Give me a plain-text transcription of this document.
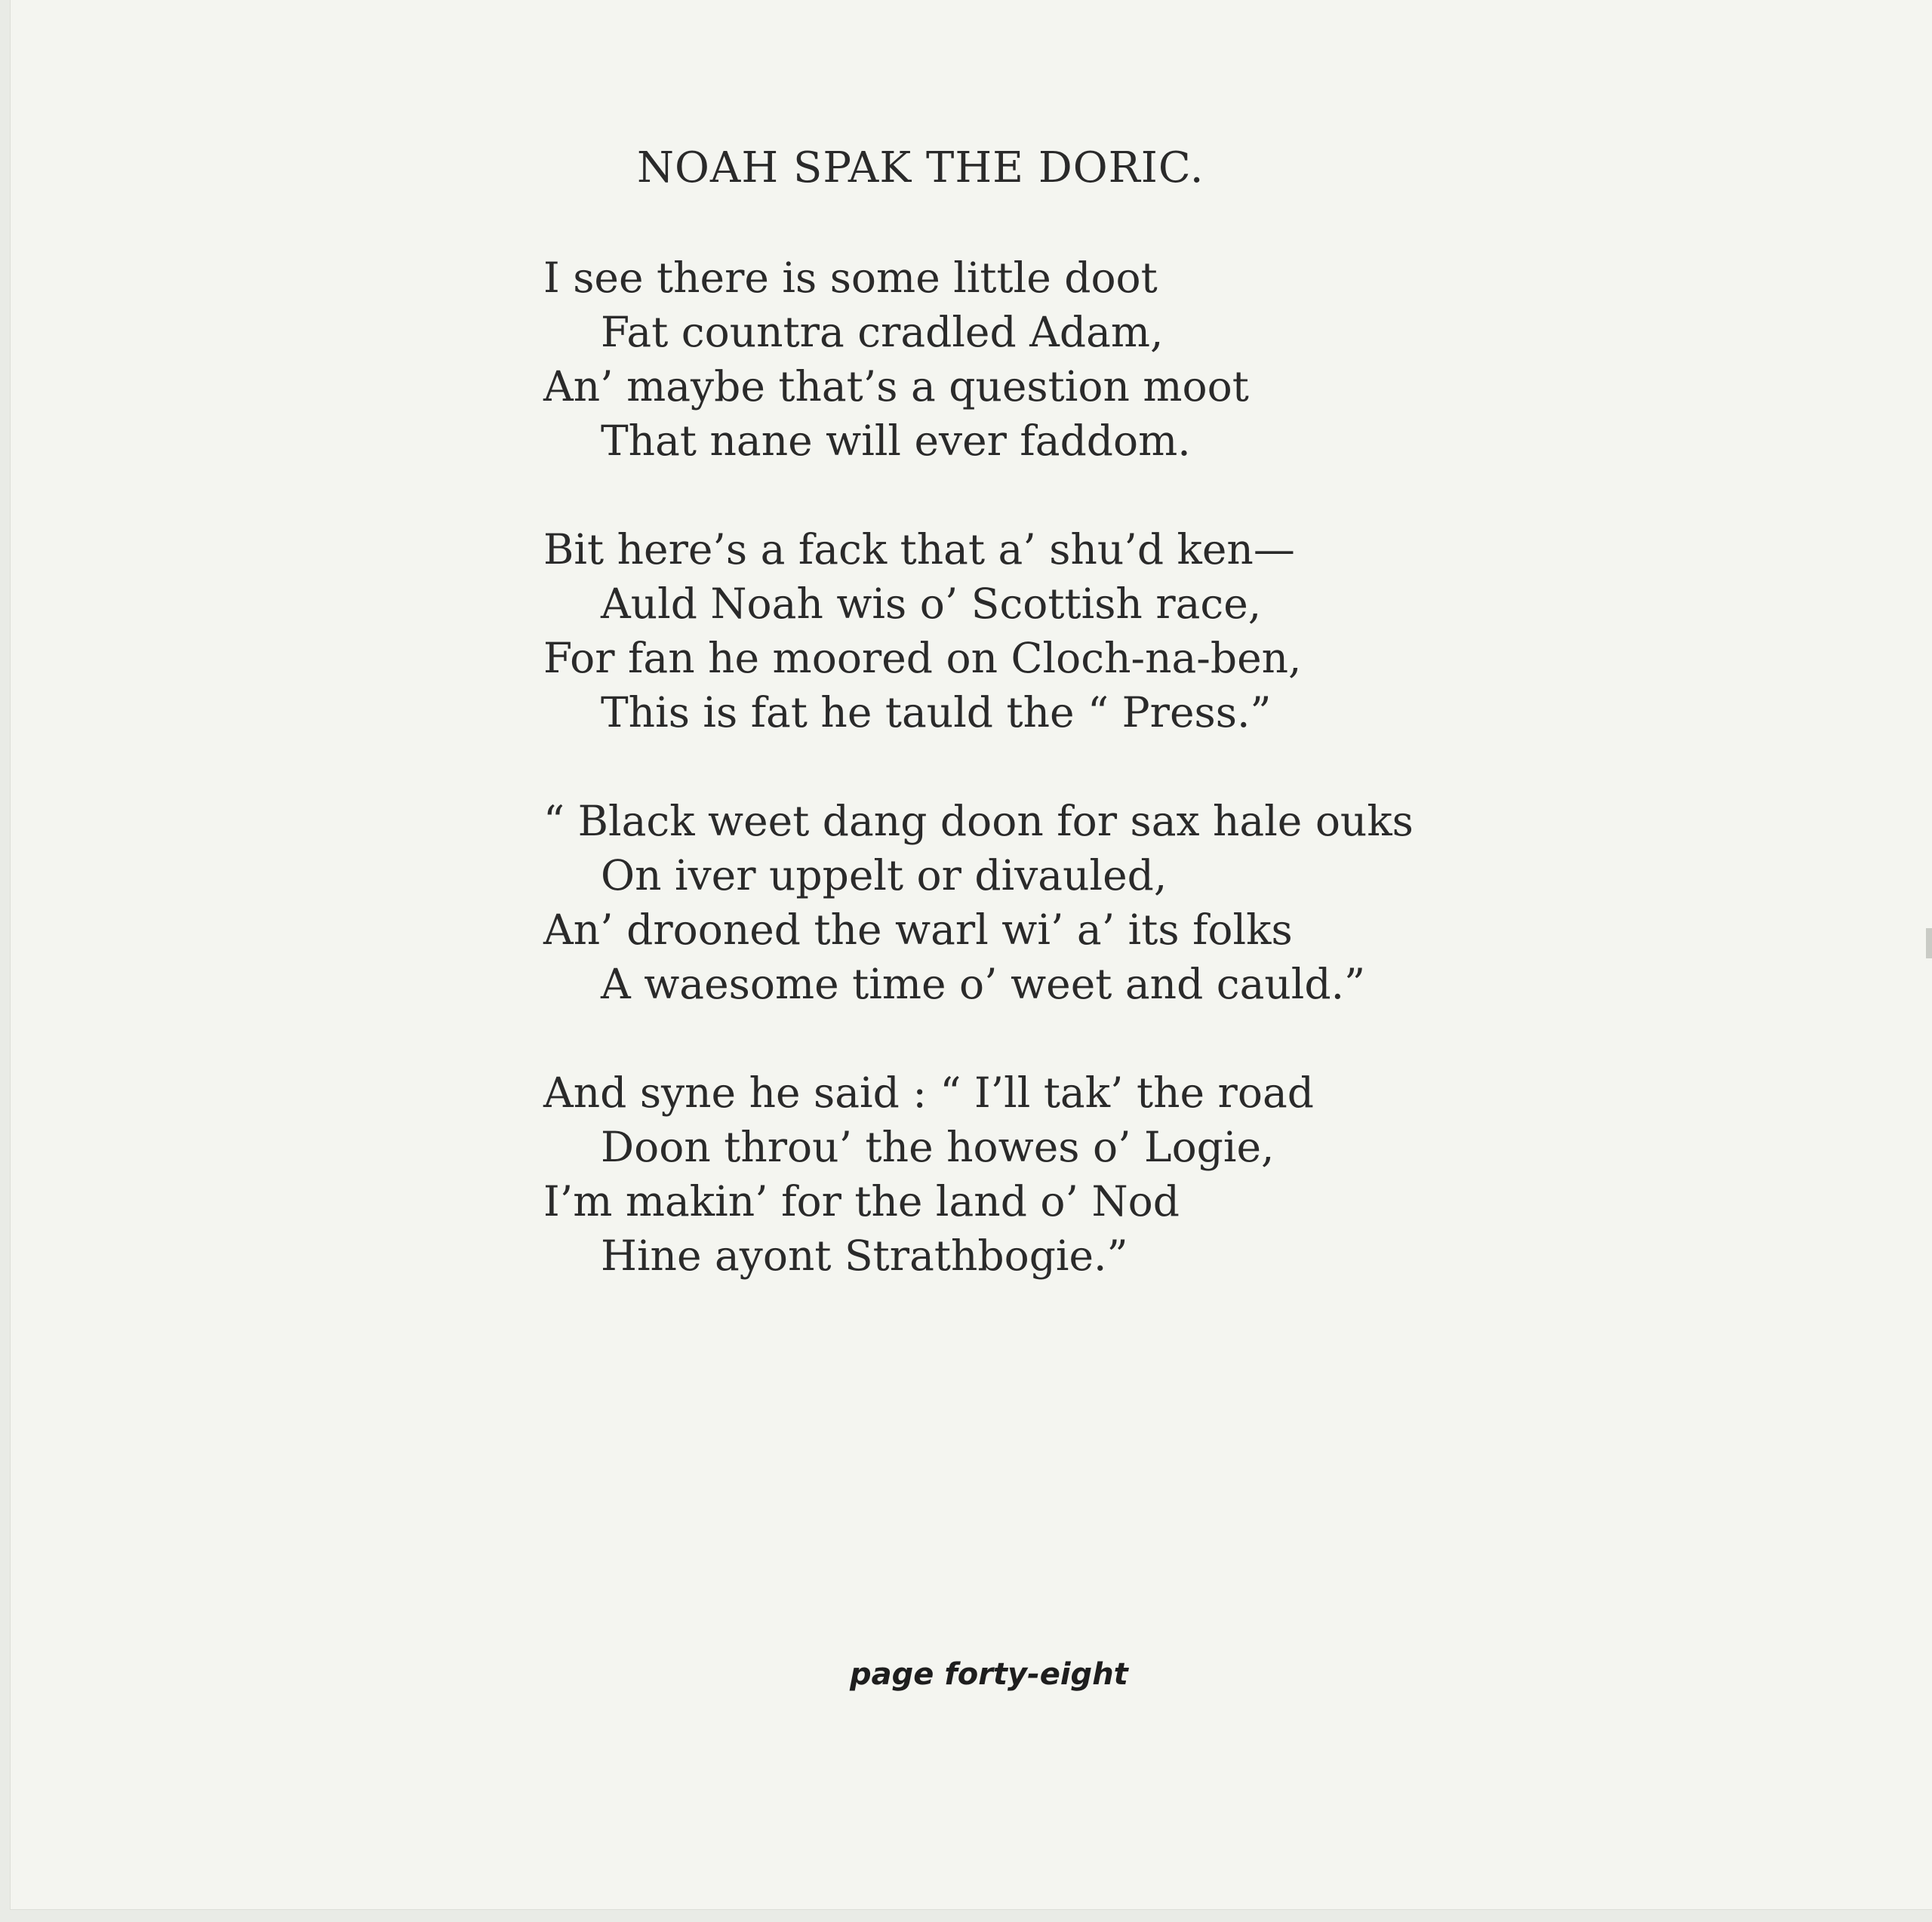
NOAH SPAK THE DORIC.
I see there is some little doot
Fat countra cradled Adam,
An’ maybe that’s a question moot
That nane will ever faddom.
Bit here’s a fack that a’ shu’d ken—
Auld Noah wis o’ Scottish race,
For fan he moored on Cloch-na-ben,
This is fat he tauld the “ Press.”
“ Black weet dang doon for sax hale ouks
On iver uppelt or divauled,
An’ drooned the warl wi’ a’ its folks
A waesome time o’ weet and cauld.”
And syne he said : “ I’ll tak’ the road
Doon throu’ the howes o’ Logie,
I’m makin’ for the land o’ Nod
Hine ayont Strathbogie.”
page forty-eight
